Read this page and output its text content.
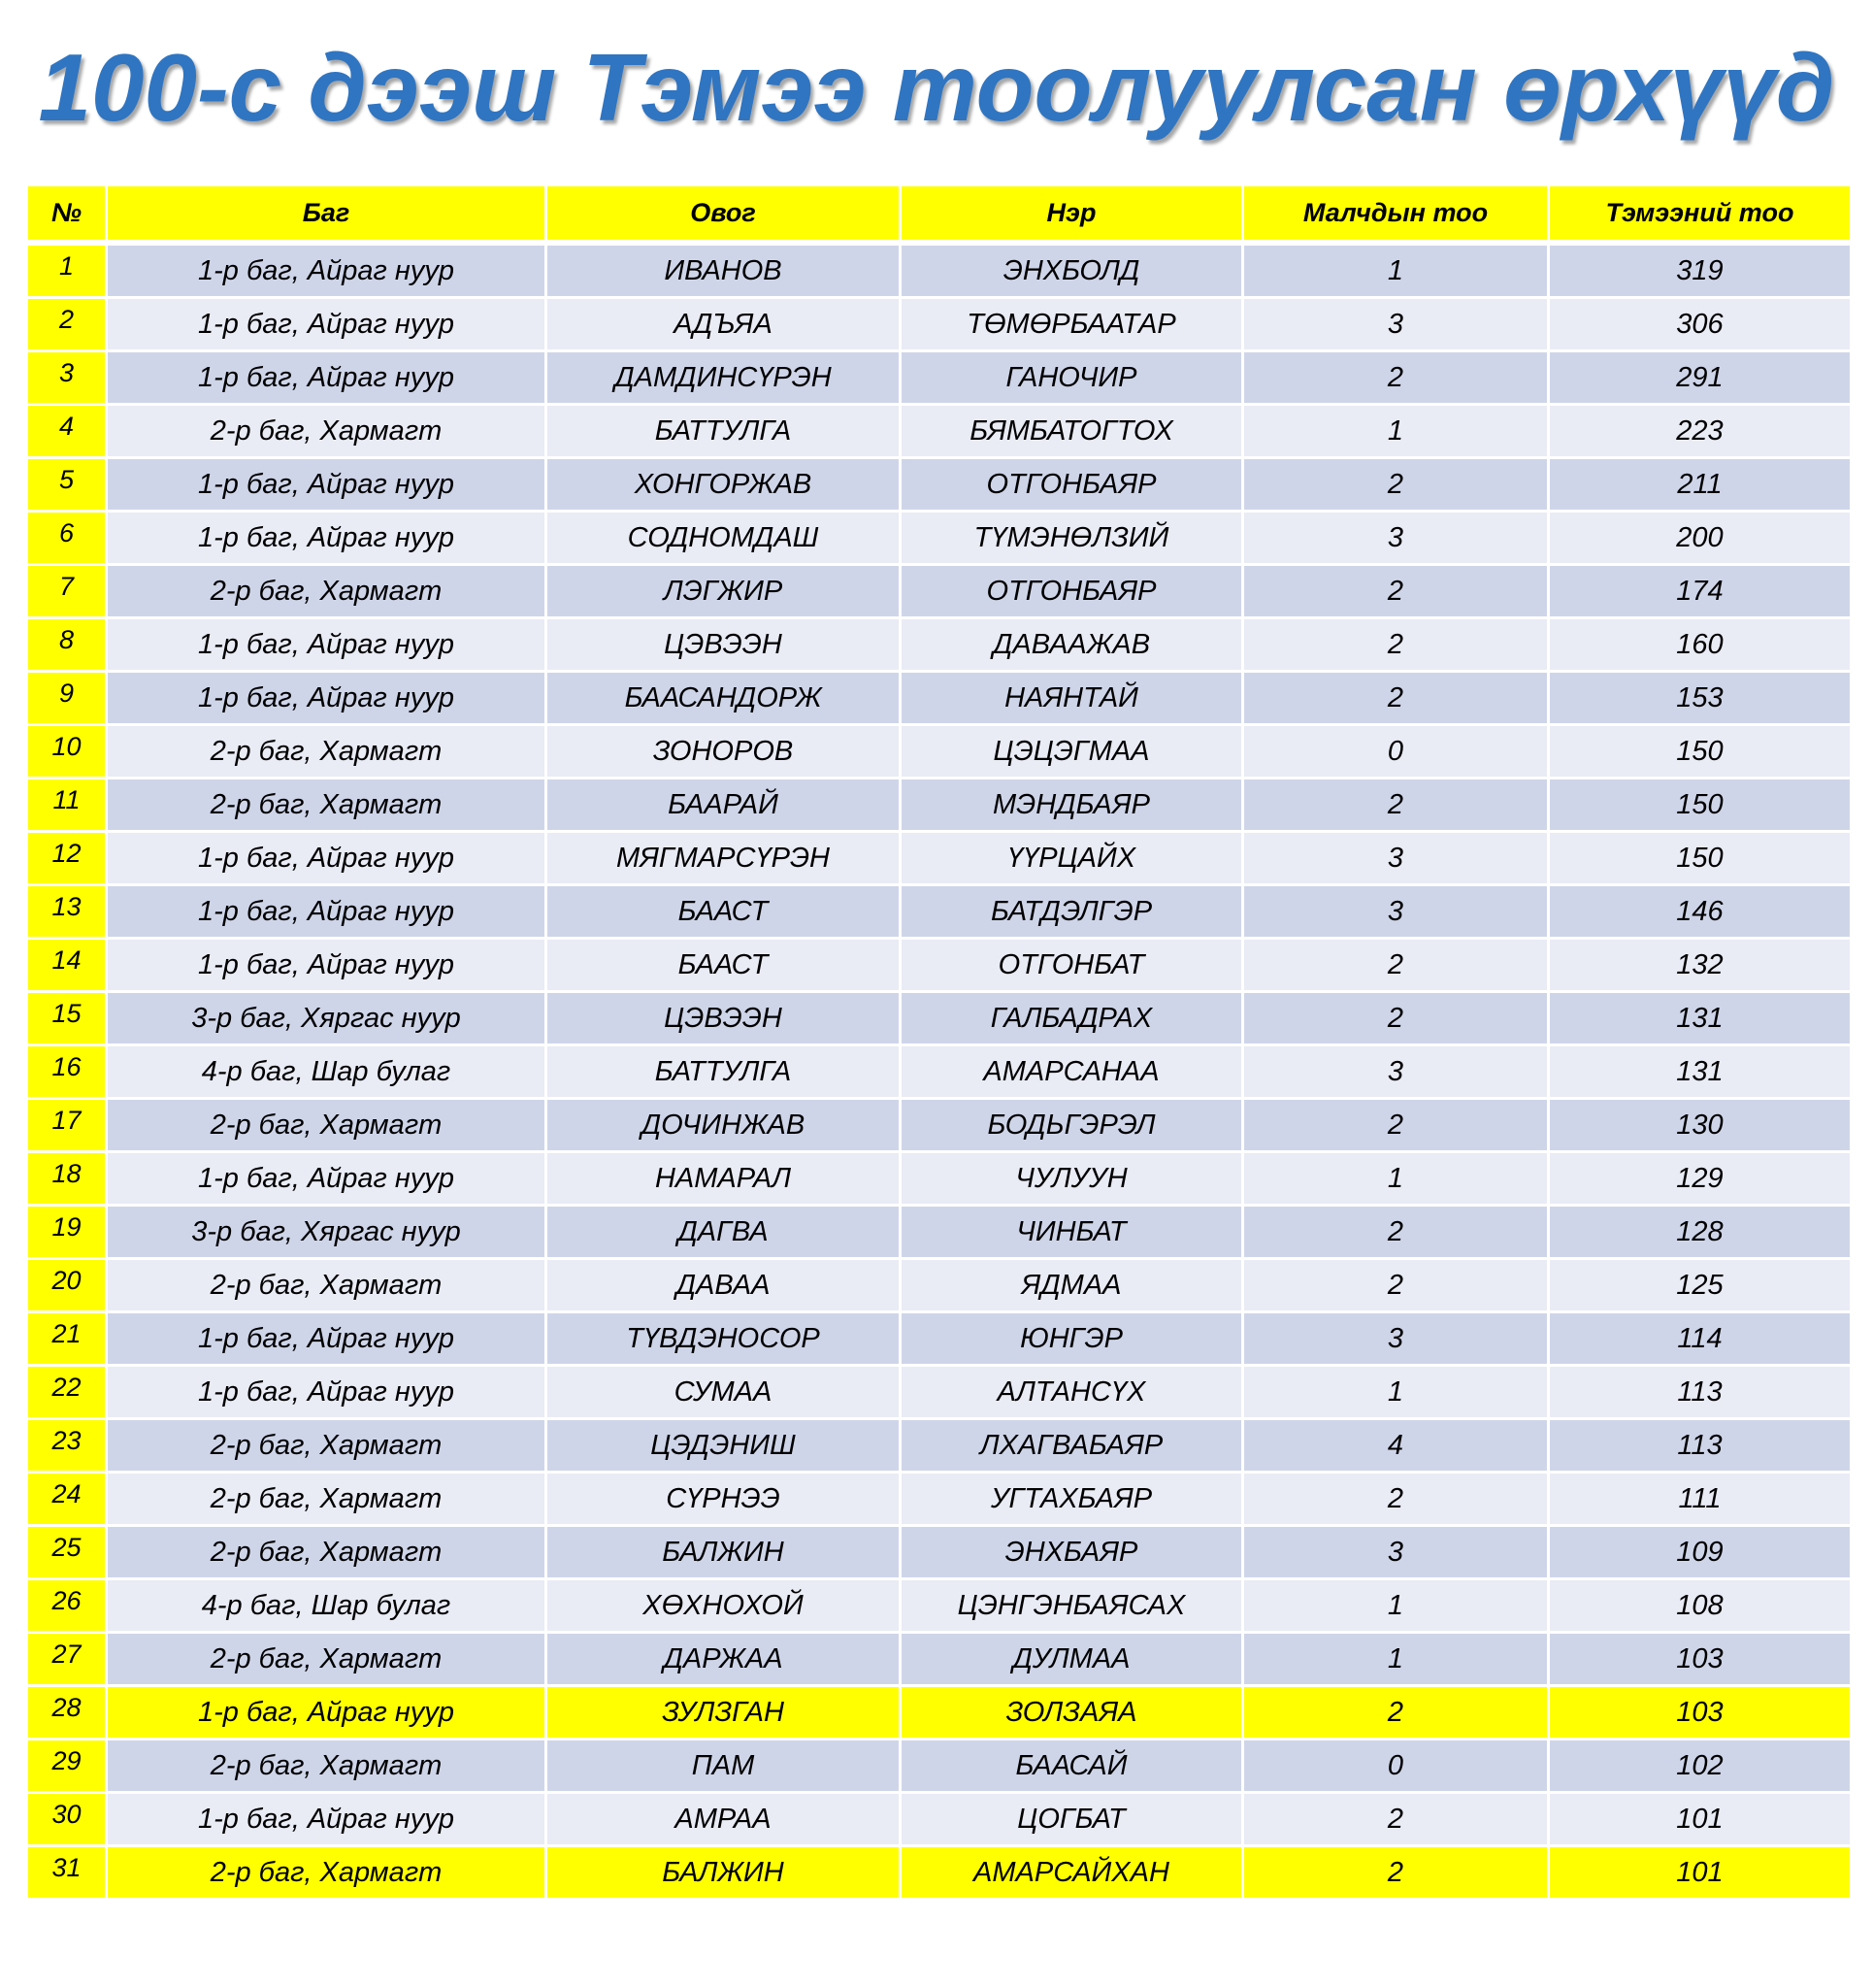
100-с дээш Тэмээ тоолуулсан өрхүүд
№	Баг	Овог	Нэр	Малчдын тоо	Тэмээний тоо
1	1-р баг, Айраг нуур	ИВАНОВ	ЭНХБОЛД	1	319
2	1-р баг, Айраг нуур	АДЪЯА	ТӨМӨРБААТАР	3	306
3	1-р баг, Айраг нуур	ДАМДИНСҮРЭН	ГАНОЧИР	2	291
4	2-р баг, Хармагт	БАТТУЛГА	БЯМБАТОГТОХ	1	223
5	1-р баг, Айраг нуур	ХОНГОРЖАВ	ОТГОНБАЯР	2	211
6	1-р баг, Айраг нуур	СОДНОМДАШ	ТҮМЭНӨЛЗИЙ	3	200
7	2-р баг, Хармагт	ЛЭГЖИР	ОТГОНБАЯР	2	174
8	1-р баг, Айраг нуур	ЦЭВЭЭН	ДАВААЖАВ	2	160
9	1-р баг, Айраг нуур	БААСАНДОРЖ	НАЯНТАЙ	2	153
10	2-р баг, Хармагт	ЗОНОРОВ	ЦЭЦЭГМАА	0	150
11	2-р баг, Хармагт	БААРАЙ	МЭНДБАЯР	2	150
12	1-р баг, Айраг нуур	МЯГМАРСҮРЭН	ҮҮРЦАЙХ	3	150
13	1-р баг, Айраг нуур	БААСТ	БАТДЭЛГЭР	3	146
14	1-р баг, Айраг нуур	БААСТ	ОТГОНБАТ	2	132
15	3-р баг, Хяргас нуур	ЦЭВЭЭН	ГАЛБАДРАХ	2	131
16	4-р баг, Шар булаг	БАТТУЛГА	АМАРСАНАА	3	131
17	2-р баг, Хармагт	ДОЧИНЖАВ	БОДЬГЭРЭЛ	2	130
18	1-р баг, Айраг нуур	НАМАРАЛ	ЧУЛУУН	1	129
19	3-р баг, Хяргас нуур	ДАГВА	ЧИНБАТ	2	128
20	2-р баг, Хармагт	ДАВАА	ЯДМАА	2	125
21	1-р баг, Айраг нуур	ТҮВДЭНОСОР	ЮНГЭР	3	114
22	1-р баг, Айраг нуур	СУМАА	АЛТАНСҮХ	1	113
23	2-р баг, Хармагт	ЦЭДЭНИШ	ЛХАГВАБАЯР	4	113
24	2-р баг, Хармагт	СҮРНЭЭ	УГТАХБАЯР	2	111
25	2-р баг, Хармагт	БАЛЖИН	ЭНХБАЯР	3	109
26	4-р баг, Шар булаг	ХӨХНОХОЙ	ЦЭНГЭНБАЯСАХ	1	108
27	2-р баг, Хармагт	ДАРЖАА	ДУЛМАА	1	103
28	1-р баг, Айраг нуур	ЗУЛЗГАН	ЗОЛЗАЯА	2	103
29	2-р баг, Хармагт	ПАМ	БААСАЙ	0	102
30	1-р баг, Айраг нуур	АМРАА	ЦОГБАТ	2	101
31	2-р баг, Хармагт	БАЛЖИН	АМАРСАЙХАН	2	101
